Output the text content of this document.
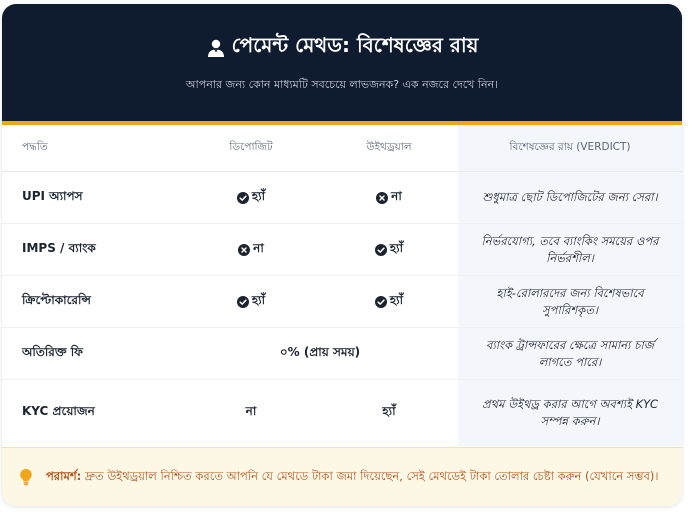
পেমেন্ট মেথড: বিশেষজ্ঞের রায়
আপনার জন্য কোন মাধ্যমটি সবচেয়ে লাভজনক? এক নজরে দেখে নিন।
পদ্ধতি	ডিপোজিট	উইথড্রয়াল	বিশেষজ্ঞের রায় (VERDICT)
UPI অ্যাপস	হ্যাঁ	না	শুধুমাত্র ছোট ডিপোজিটের জন্য সেরা।
IMPS / ব্যাংক	না	হ্যাঁ	নির্ভরযোগ্য, তবে ব্যাংকিং সময়ের ওপর নির্ভরশীল।
ক্রিপ্টোকারেন্সি	হ্যাঁ	হ্যাঁ	হাই-রোলারদের জন্য বিশেষভাবে সুপারিশকৃত।
অতিরিক্ত ফি	০% (প্রায় সময়)		ব্যাংক ট্রান্সফারের ক্ষেত্রে সামান্য চার্জ লাগতে পারে।
KYC প্রয়োজন	না	হ্যাঁ	প্রথম উইথড্র করার আগে অবশ্যই KYC সম্পন্ন করুন।
পরামর্শ: দ্রুত উইথড্রয়াল নিশ্চিত করতে আপনি যে মেথডে টাকা জমা দিয়েছেন, সেই মেথডেই টাকা তোলার চেষ্টা করুন (যেখানে সম্ভব)।
